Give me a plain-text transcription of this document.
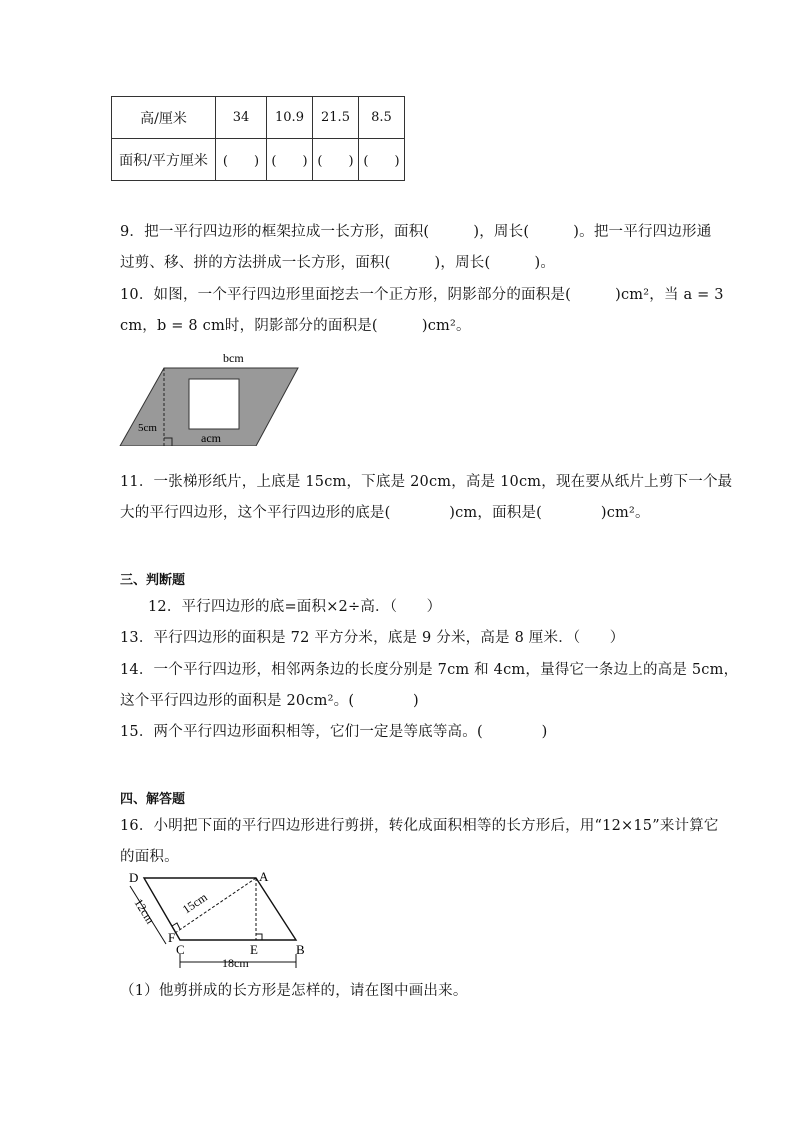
高/厘米	34	10.9	21.5	8.5
面积/平方厘米	(　　)	(　　)	(　　)	(　　)
9．把一平行四边形的框架拉成一长方形，面积(　　　)，周长(　　　)。把一平行四边形通
过剪、移、拼的方法拼成一长方形，面积(　　　)，周长(　　　)。
10．如图，一个平行四边形里面挖去一个正方形，阴影部分的面积是(　　　)cm²，当 a = 3
cm，b = 8 cm时，阴影部分的面积是(　　　)cm²。
bcm
5cm
acm
11．一张梯形纸片，上底是 15cm，下底是 20cm，高是 10cm，现在要从纸片上剪下一个最
大的平行四边形，这个平行四边形的底是(　　　　)cm，面积是(　　　　)cm²。
三、判断题
12．平行四边形的底=面积×2÷高．（　　）
13．平行四边形的面积是 72 平方分米，底是 9 分米，高是 8 厘米．（　　）
14．一个平行四边形，相邻两条边的长度分别是 7cm 和 4cm，量得它一条边上的高是 5cm，
这个平行四边形的面积是 20cm²。(　　　　)
15．两个平行四边形面积相等，它们一定是等底等高。(　　　　)
四、解答题
16．小明把下面的平行四边形进行剪拼，转化成面积相等的长方形后，用“12×15”来计算它
的面积。
D	A
F
C	E	B
12cm 15cm
18cm
（1）他剪拼成的长方形是怎样的，请在图中画出来。
